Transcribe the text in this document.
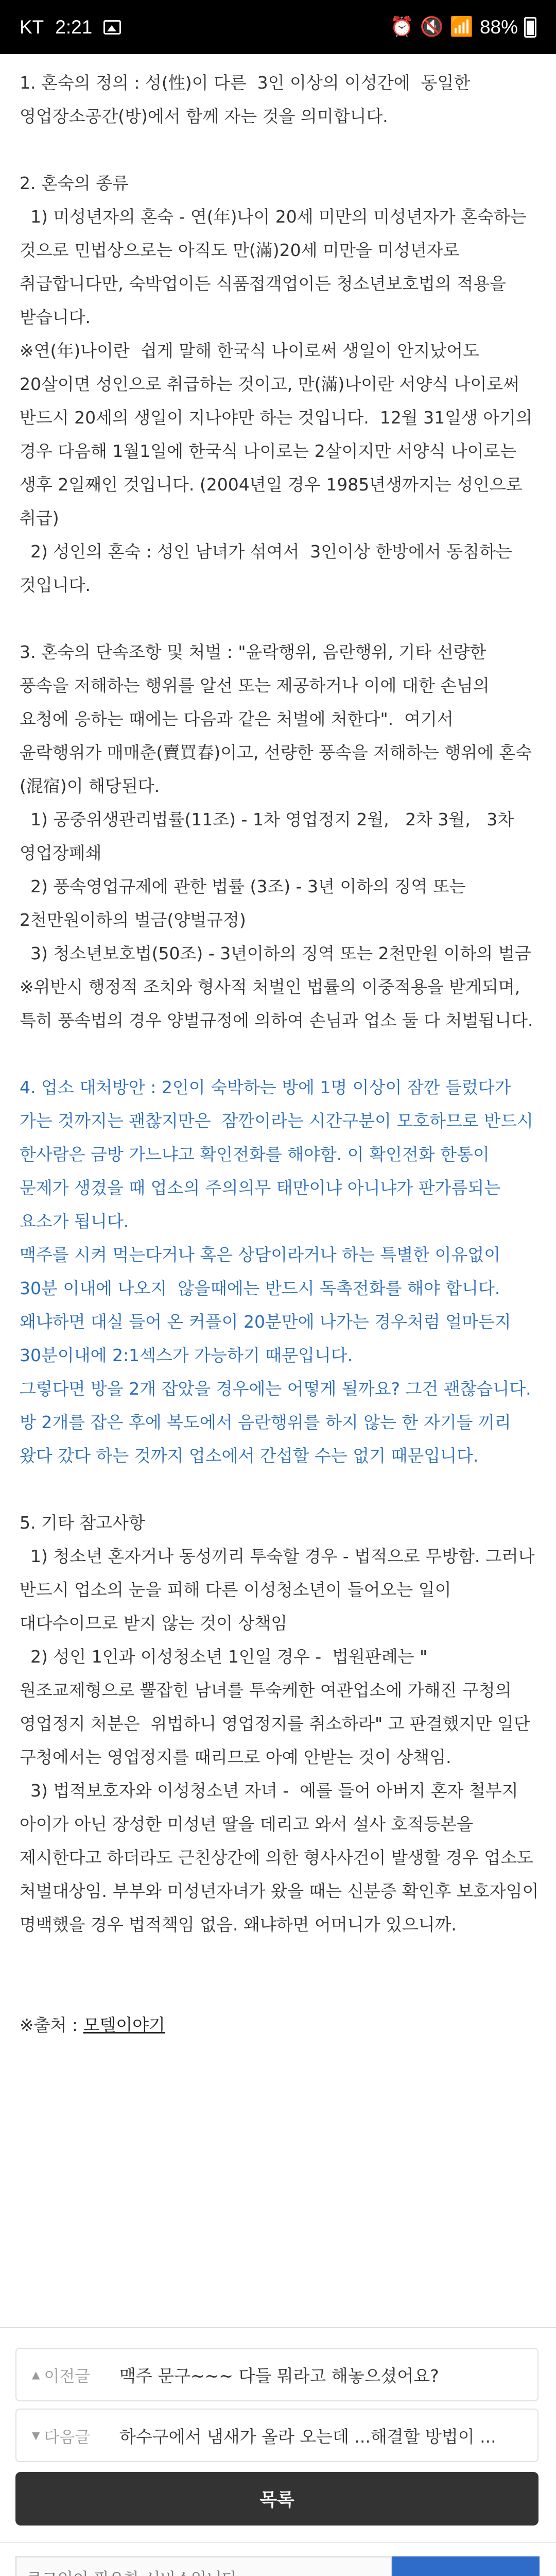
KT 2:21	⏰ 🔇 📶 88%

1. 혼숙의 정의 : 성(性)이 다른  3인 이상의 이성간에  동일한 영업장소공간(방)에서 함께 자는 것을 의미합니다.

2. 혼숙의 종류

1) 미성년자의 혼숙 - 연(年)나이 20세 미만의 미성년자가 혼숙하는 것으로 민법상으로는 아직도 만(滿)20세 미만을 미성년자로 취급합니다만, 숙박업이든 식품접객업이든 청소년보호법의 적용을 받습니다.

※연(年)나이란  쉽게 말해 한국식 나이로써 생일이 안지났어도 20살이면 성인으로 취급하는 것이고, 만(滿)나이란 서양식 나이로써 반드시 20세의 생일이 지나야만 하는 것입니다.  12월 31일생 아기의 경우 다음해 1월1일에 한국식 나이로는 2살이지만 서양식 나이로는 생후 2일째인 것입니다. (2004년일 경우 1985년생까지는 성인으로 취급)

2) 성인의 혼숙 : 성인 남녀가 섞여서  3인이상 한방에서 동침하는 것입니다.

3. 혼숙의 단속조항 및 처벌 : "윤락행위, 음란행위, 기타 선량한 풍속을 저해하는 행위를 알선 또는 제공하거나 이에 대한 손님의 요청에 응하는 때에는 다음과 같은 처벌에 처한다".  여기서 윤락행위가 매매춘(賣買春)이고, 선량한 풍속을 저해하는 행위에 혼숙(混宿)이 해당된다.

1) 공중위생관리법률(11조) - 1차 영업정지 2월,   2차 3월,   3차 영업장폐쇄

2) 풍속영업규제에 관한 법률 (3조) - 3년 이하의 징역 또는 2천만원이하의 벌금(양벌규정)

3) 청소년보호법(50조) - 3년이하의 징역 또는 2천만원 이하의 벌금

※위반시 행정적 조치와 형사적 처벌인 법률의 이중적용을 받게되며, 특히 풍속법의 경우 양벌규정에 의하여 손님과 업소 둘 다 처벌됩니다.

4. 업소 대처방안 : 2인이 숙박하는 방에 1명 이상이 잠깐 들렀다가  가는 것까지는 괜찮지만은  잠깐이라는 시간구분이 모호하므로 반드시 한사람은 금방 가느냐고 확인전화를 해야함. 이 확인전화 한통이 문제가 생겼을 때 업소의 주의의무 태만이냐 아니냐가 판가름되는 요소가 됩니다.

맥주를 시켜 먹는다거나 혹은 상담이라거나 하는 특별한 이유없이 30분 이내에 나오지  않을때에는 반드시 독촉전화를 해야 합니다. 왜냐하면 대실 들어 온 커플이 20분만에 나가는 경우처럼 얼마든지 30분이내에 2:1섹스가 가능하기 때문입니다.

그렇다면 방을 2개 잡았을 경우에는 어떻게 될까요? 그건 괜찮습니다.

방 2개를 잡은 후에 복도에서 음란행위를 하지 않는 한 자기들 끼리 왔다 갔다 하는 것까지 업소에서 간섭할 수는 없기 때문입니다.

5. 기타 참고사항

1) 청소년 혼자거나 동성끼리 투숙할 경우 - 법적으로 무방함. 그러나 반드시 업소의 눈을 피해 다른 이성청소년이 들어오는 일이 대다수이므로 받지 않는 것이 상책임

2) 성인 1인과 이성청소년 1인일 경우 -  법원판례는 " 원조교제형으로 뿔잡힌 남녀를 투숙케한 여관업소에 가해진 구청의 영업정지 처분은  위법하니 영업정지를 취소하라" 고 판결했지만 일단 구청에서는 영업정지를 때리므로 아예 안받는 것이 상책임.

3) 법적보호자와 이성청소년 자녀 -  예를 들어 아버지 혼자 철부지 아이가 아닌 장성한 미성년 딸을 데리고 와서 설사 호적등본을 제시한다고 하더라도 근친상간에 의한 형사사건이 발생할 경우 업소도 처벌대상임. 부부와 미성년자녀가 왔을 때는 신분증 확인후 보호자임이 명백했을 경우 법적책임 없음. 왜냐하면 어머니가 있으니까.

※출처 : 모텔이야기

▲ 이전글 맥주 문구~~~ 다들 뭐라고 해놓으셨어요?
▼ 다음글 하수구에서 냄새가 올라 오는데 ...해결할 방법이 ...
목록
로그인이 필요한 서비스입니다.
